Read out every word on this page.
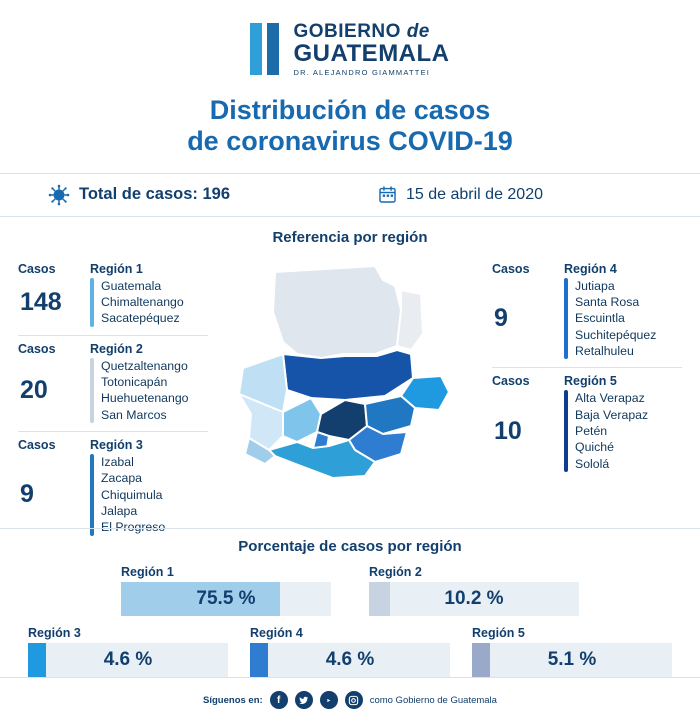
GOBIERNO de
GUATEMALA
DR. ALEJANDRO GIAMMATTEI
Distribución de casos
de coronavirus COVID-19
Total de casos: 196	15 de abril de 2020
Referencia por región
Casos	Región 1
148
Guatemala
Chimaltenango
Sacatepéquez
Casos	Región 2
20
Quetzaltenango
Totonicapán
Huehuetenango
San Marcos
Casos	Región 3
9
Izabal
Zacapa
Chiquimula
Jalapa
El Progreso
Casos	Región 4
9
Jutiapa
Santa Rosa
Escuintla
Suchitepéquez
Retalhuleu
Casos	Región 5
10
Alta Verapaz
Baja Verapaz
Petén
Quiché
Sololá
Porcentaje de casos por región
Región 1
75.5 %
Región 2
10.2 %
Región 3
4.6 %
Región 4
4.6 %
Región 5
5.1 %
Síguenos en:	f	como Gobierno de Guatemala
